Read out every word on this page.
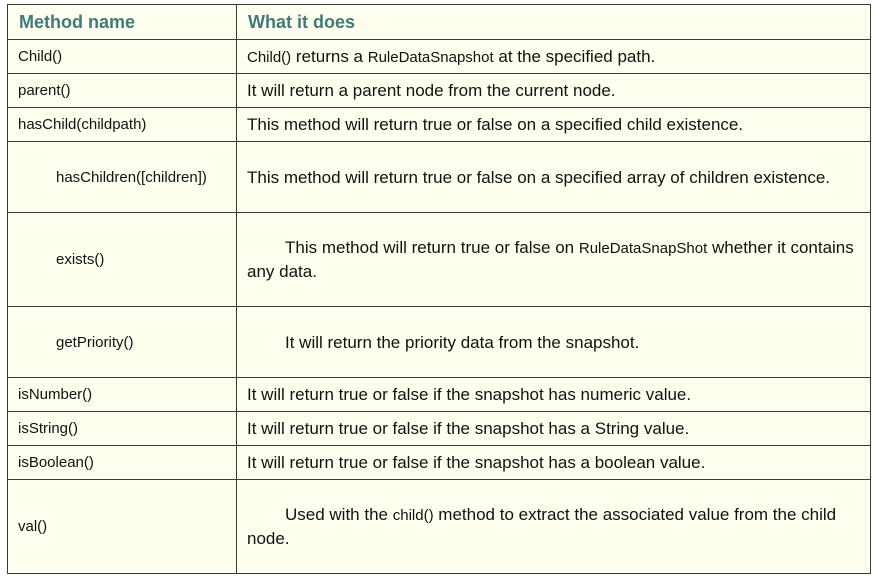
Method name	What it does
Child()	Child() returns a RuleDataSnapshot at the specified path.

parent()	It will return a parent node from the current node.
hasChild(childpath)	This method will return true or false on a specified child existence.
hasChildren([children])	This method will return true or false on a specified array of children existence.
exists()	This method will return true or false on RuleDataSnapShot whether it contains any data.

getPriority()	It will return the priority data from the snapshot.

isNumber()	It will return true or false if the snapshot has numeric value.
isString()	It will return true or false if the snapshot has a String value.
isBoolean()	It will return true or false if the snapshot has a boolean value.
val()	Used with the child() method to extract the associated value from the child node.
